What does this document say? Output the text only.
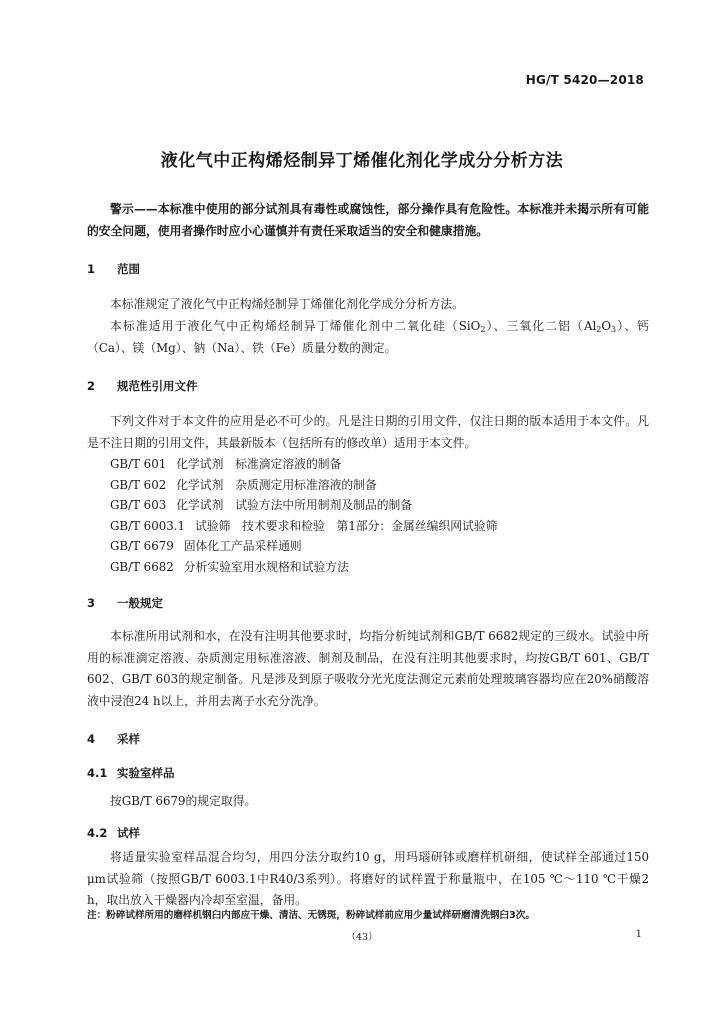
HG/T 5420—2018
液化气中正构烯烃制异丁烯催化剂化学成分分析方法
警示——本标准中使用的部分试剂具有毒性或腐蚀性，部分操作具有危险性。本标准并未揭示所有可能的安全问题，使用者操作时应小心谨慎并有责任采取适当的安全和健康措施。
1 范围
本标准规定了液化气中正构烯烃制异丁烯催化剂化学成分分析方法。
本标准适用于液化气中正构烯烃制异丁烯催化剂中二氧化硅（SiO$_2$）、三氧化二铝$(Al_2O_3)$、钙（Ca）、镁（Mg）、钠（Na）、铁（Fe）质量分数的测定。
2 规范性引用文件
下列文件对于本文件的应用是必不可少的。凡是注日期的引用文件，仅注日期的版本适用于本文件。凡是不注日期的引用文件，其最新版本（包括所有的修改单）适用于本文件。
GB/T 601 化学试剂　标准滴定溶液的制备
GB/T 602 化学试剂　杂质测定用标准溶液的制备
GB/T 603 化学试剂　试验方法中所用制剂及制品的制备
GB/T 6003.1 试验筛　技术要求和检验　第1部分：金属丝编织网试验筛
GB/T 6679 固体化工产品采样通则
GB/T 6682 分析实验室用水规格和试验方法
3 一般规定
本标准所用试剂和水，在没有注明其他要求时，均指分析纯试剂和GB/T 6682规定的三级水。试验中所用的标准滴定溶液、杂质测定用标准溶液、制剂及制品，在没有注明其他要求时，均按GB/T 601、GB/T 602、GB/T 603的规定制备。凡是涉及到原子吸收分光光度法测定元素前处理玻璃容器均应在20%硝酸溶液中浸泡24 h以上，并用去离子水充分洗净。
4 采样
4.1 实验室样品
按GB/T 6679的规定取得。
4.2 试样
将适量实验室样品混合均匀，用四分法分取约10 g，用玛瑙研钵或磨样机研细，使试样全部通过150 μm试验筛（按照GB/T 6003.1中R40/3系列）。将磨好的试样置于称量瓶中，在105 ℃～110 ℃干燥2 h，取出放入干燥器内冷却至室温，备用。
注：粉碎试样所用的磨样机钢臼内部应干燥、清洁、无锈斑，粉碎试样前应用少量试样研磨清洗钢臼3次。
（43）	1
